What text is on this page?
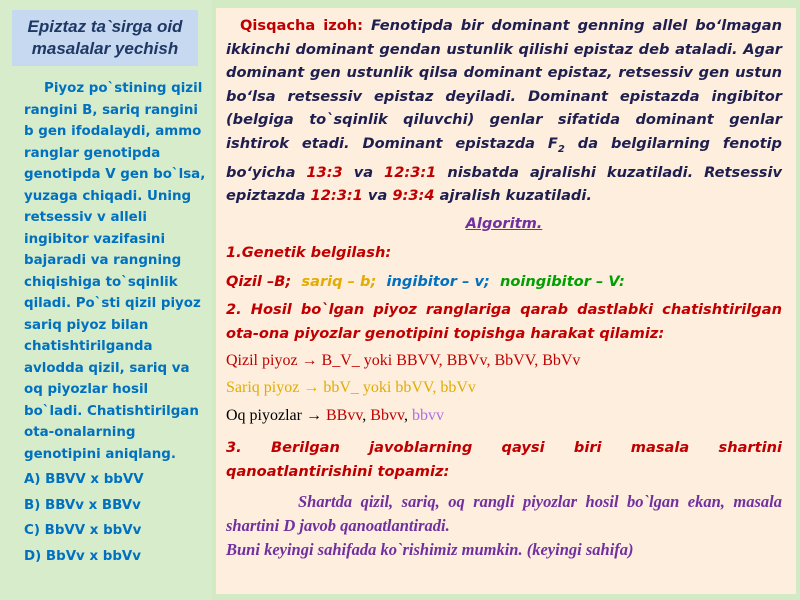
Epiztaz ta`sirga oid
masalalar yechish
Piyoz po`stining qizil rangini B, sariq rangini b gen ifodalaydi, ammo ranglar genotipda genotipda V gen bo`lsa, yuzaga chiqadi. Uning retsessiv v alleli ingibitor vazifasini bajaradi va rangning chiqishiga to`sqinlik qiladi. Po`sti qizil piyoz sariq piyoz bilan chatishtirilganda avlodda qizil, sariq va oq piyozlar hosil bo`ladi. Chatishtirilgan ota-onalarning genotipini aniqlang.
A) BBVV x bbVV
B) BBVv x BBVv
C) BbVV x bbVv
D) BbVv x bbVv
Qisqacha izoh: Fenotipda bir dominant genning allel bo‘lmagan ikkinchi dominant gendan ustunlik qilishi epistaz deb ataladi. Agar dominant gen ustunlik qilsa dominant epistaz, retsessiv gen ustun bo‘lsa retsessiv epistaz deyiladi. Dominant epistazda ingibitor (belgiga to`sqinlik qiluvchi) genlar sifatida dominant genlar ishtirok etadi. Dominant epistazda $F_2$ da belgilarning fenotip bo‘yicha 13:3 va 12:3:1 nisbatda ajralishi kuzatiladi. Retsessiv epiztazda 12:3:1 va 9:3:4 ajralish kuzatiladi.
Algoritm.
1.Genetik belgilash:
Qizil –B; sariq – b; ingibitor – v; noingibitor – V:
2. Hosil bo`lgan piyoz ranglariga qarab dastlabki chatishtirilgan ota-ona piyozlar genotipini topishga harakat qilamiz:
Qizil piyoz → B_V_ yoki BBVV, BBVv, BbVV, BbVv
Sariq piyoz → bbV_ yoki bbVV, bbVv
Oq piyozlar → BBvv, Bbvv, bbvv
3. Berilgan javoblarning qaysi biri masala shartini qanoatlantirishini topamiz:
Shartda qizil, sariq, oq rangli piyozlar hosil bo`lgan ekan, masala shartini D javob qanoatlantiradi.
Buni keyingi sahifada ko`rishimiz mumkin. (keyingi sahifa)
